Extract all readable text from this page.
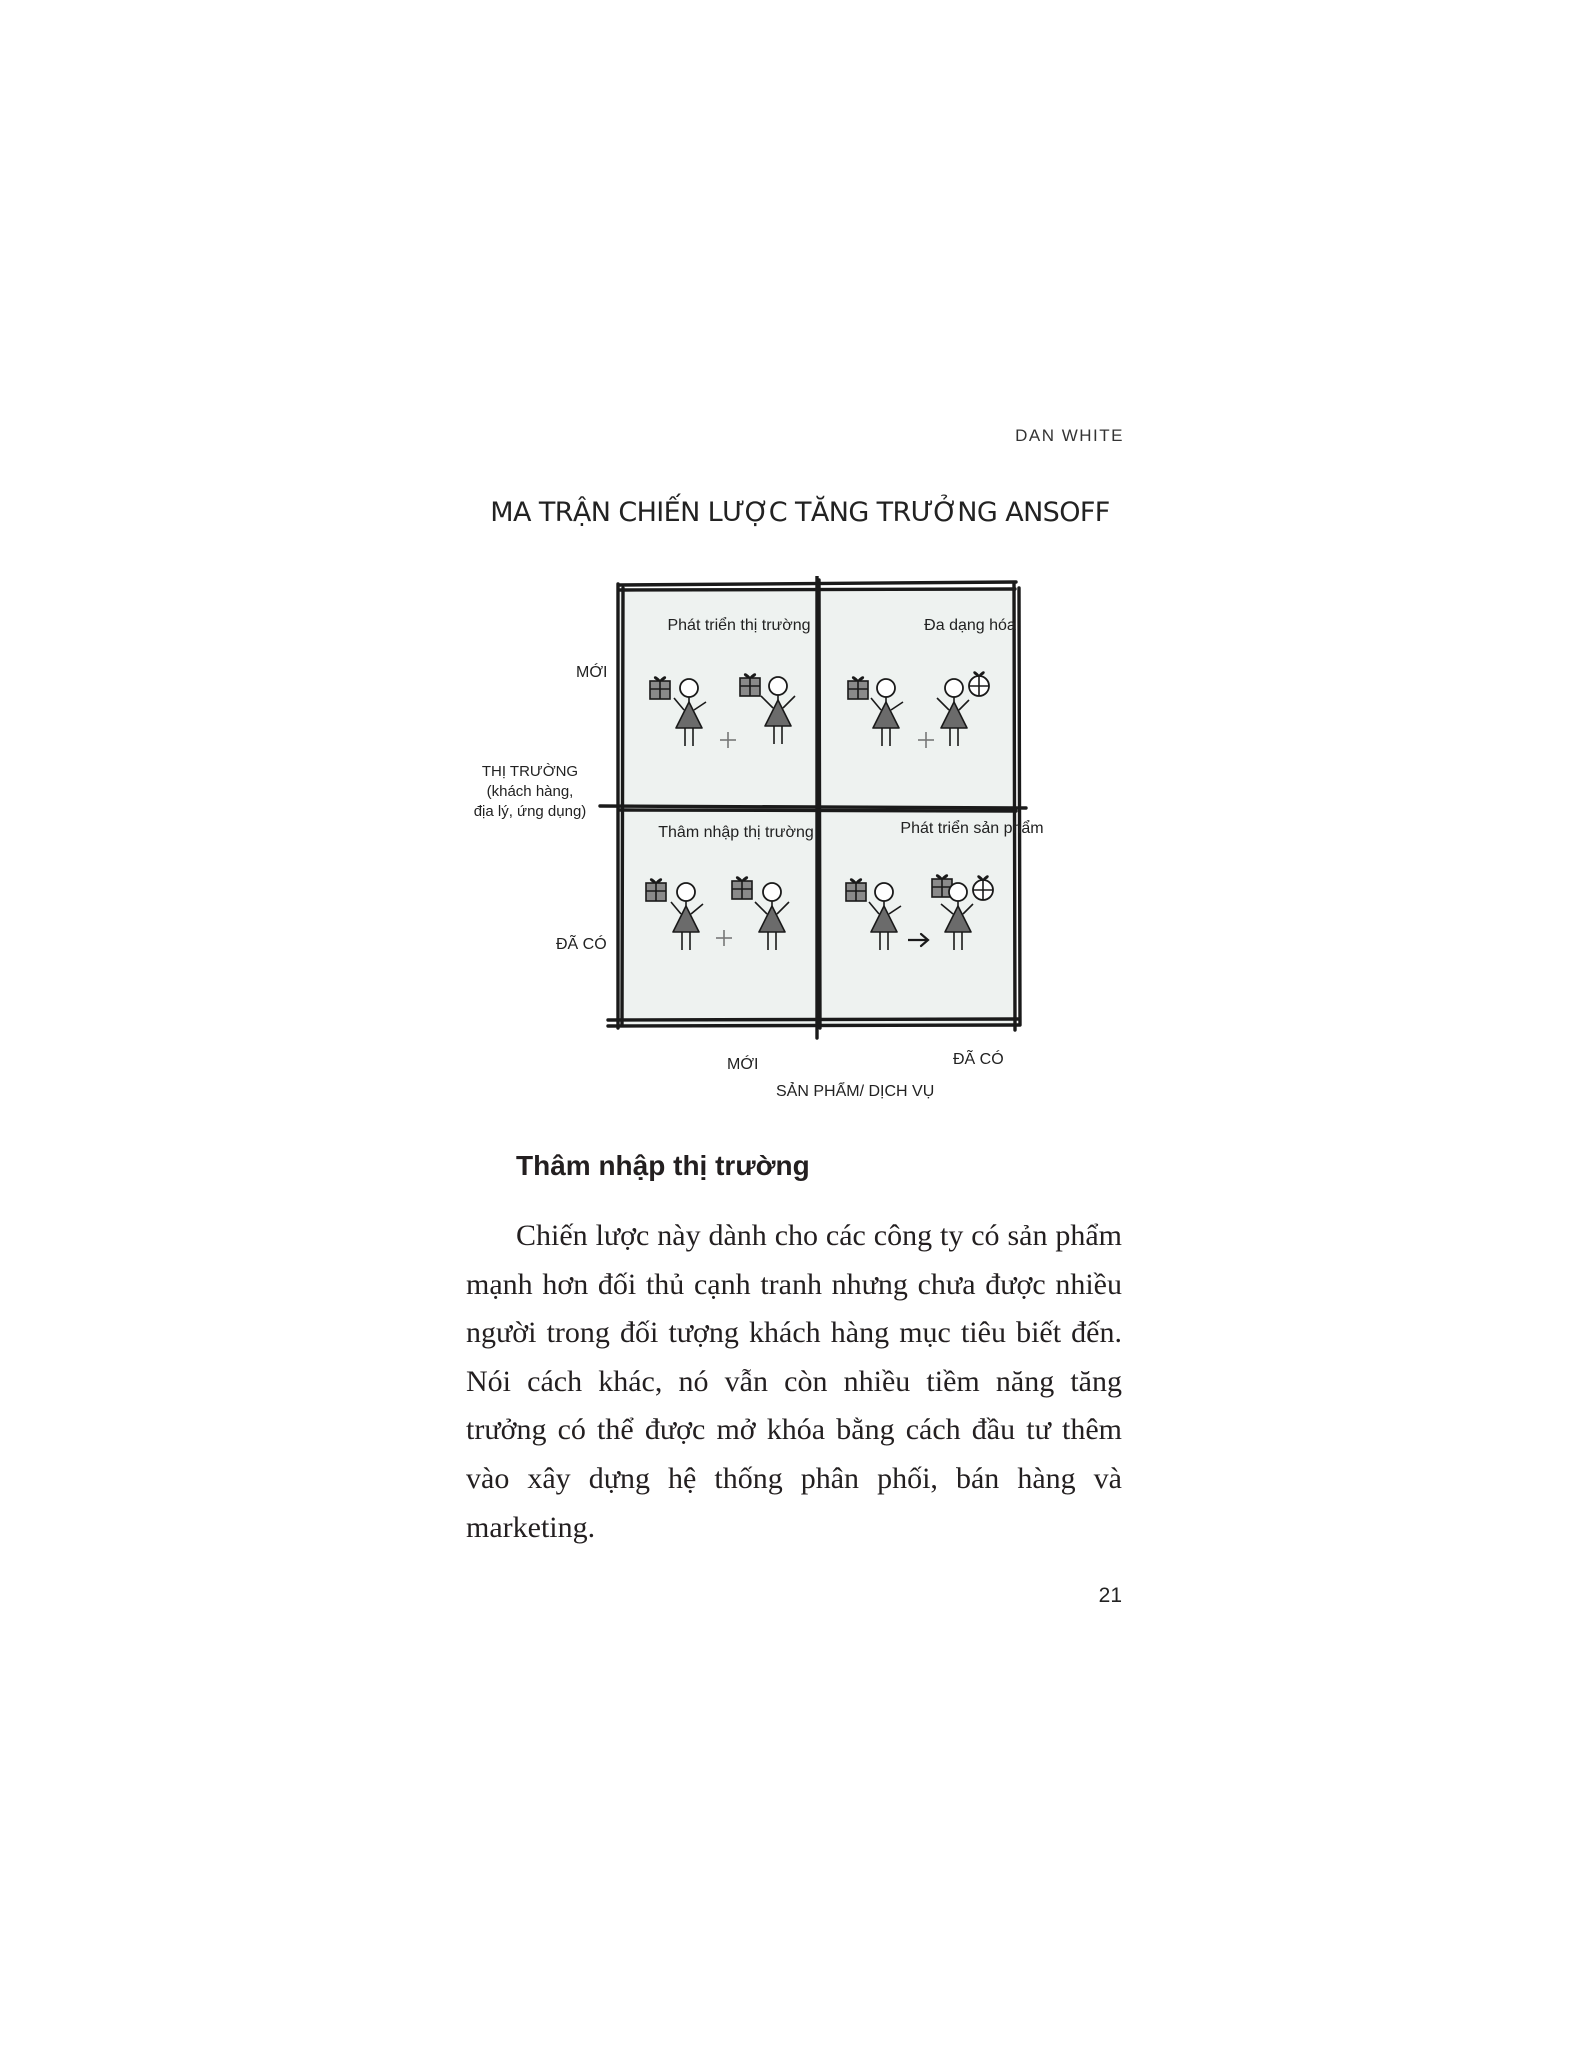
DAN WHITE
MA TRẬN CHIẾN LƯỢC TĂNG TRƯỞNG ANSOFF
Phát triển thị trường	Đa dạng hóa
Thâm nhập thị trường	Phát triển sản phẩm
MỚI
THỊ TRƯỜNG
(khách hàng,
địa lý, ứng dụng)
ĐÃ CÓ
MỚI	ĐÃ CÓ
SẢN PHẨM/ DỊCH VỤ
Thâm nhập thị trường

Chiến lược này dành cho các công ty có sản phẩm mạnh hơn đối thủ cạnh tranh nhưng chưa được nhiều người trong đối tượng khách hàng mục tiêu biết đến. Nói cách khác, nó vẫn còn nhiều tiềm năng tăng trưởng có thể được mở khóa bằng cách đầu tư thêm vào xây dựng hệ thống phân phối, bán hàng và marketing.

21
